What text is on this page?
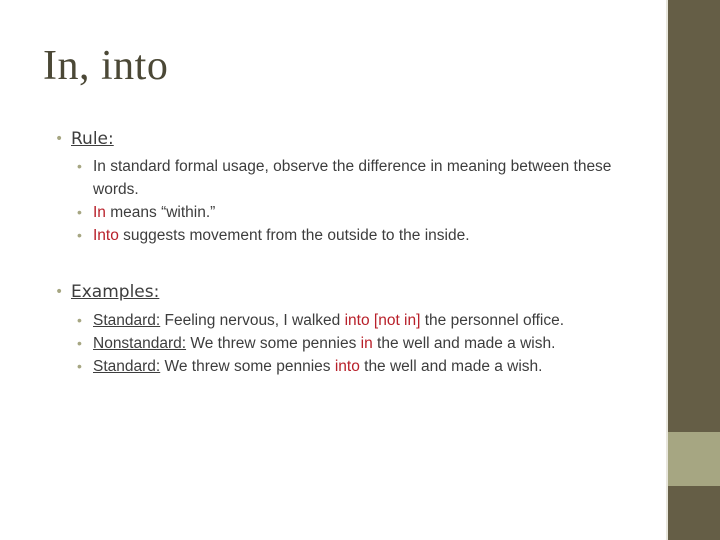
In, into
• Rule:
• In standard formal usage, observe the difference in meaning between these words.
• In means “within.”
• Into suggests movement from the outside to the inside.
• Examples:
• Standard: Feeling nervous, I walked into [not in] the personnel office.
• Nonstandard: We threw some pennies in the well and made a wish.
• Standard: We threw some pennies into the well and made a wish.
